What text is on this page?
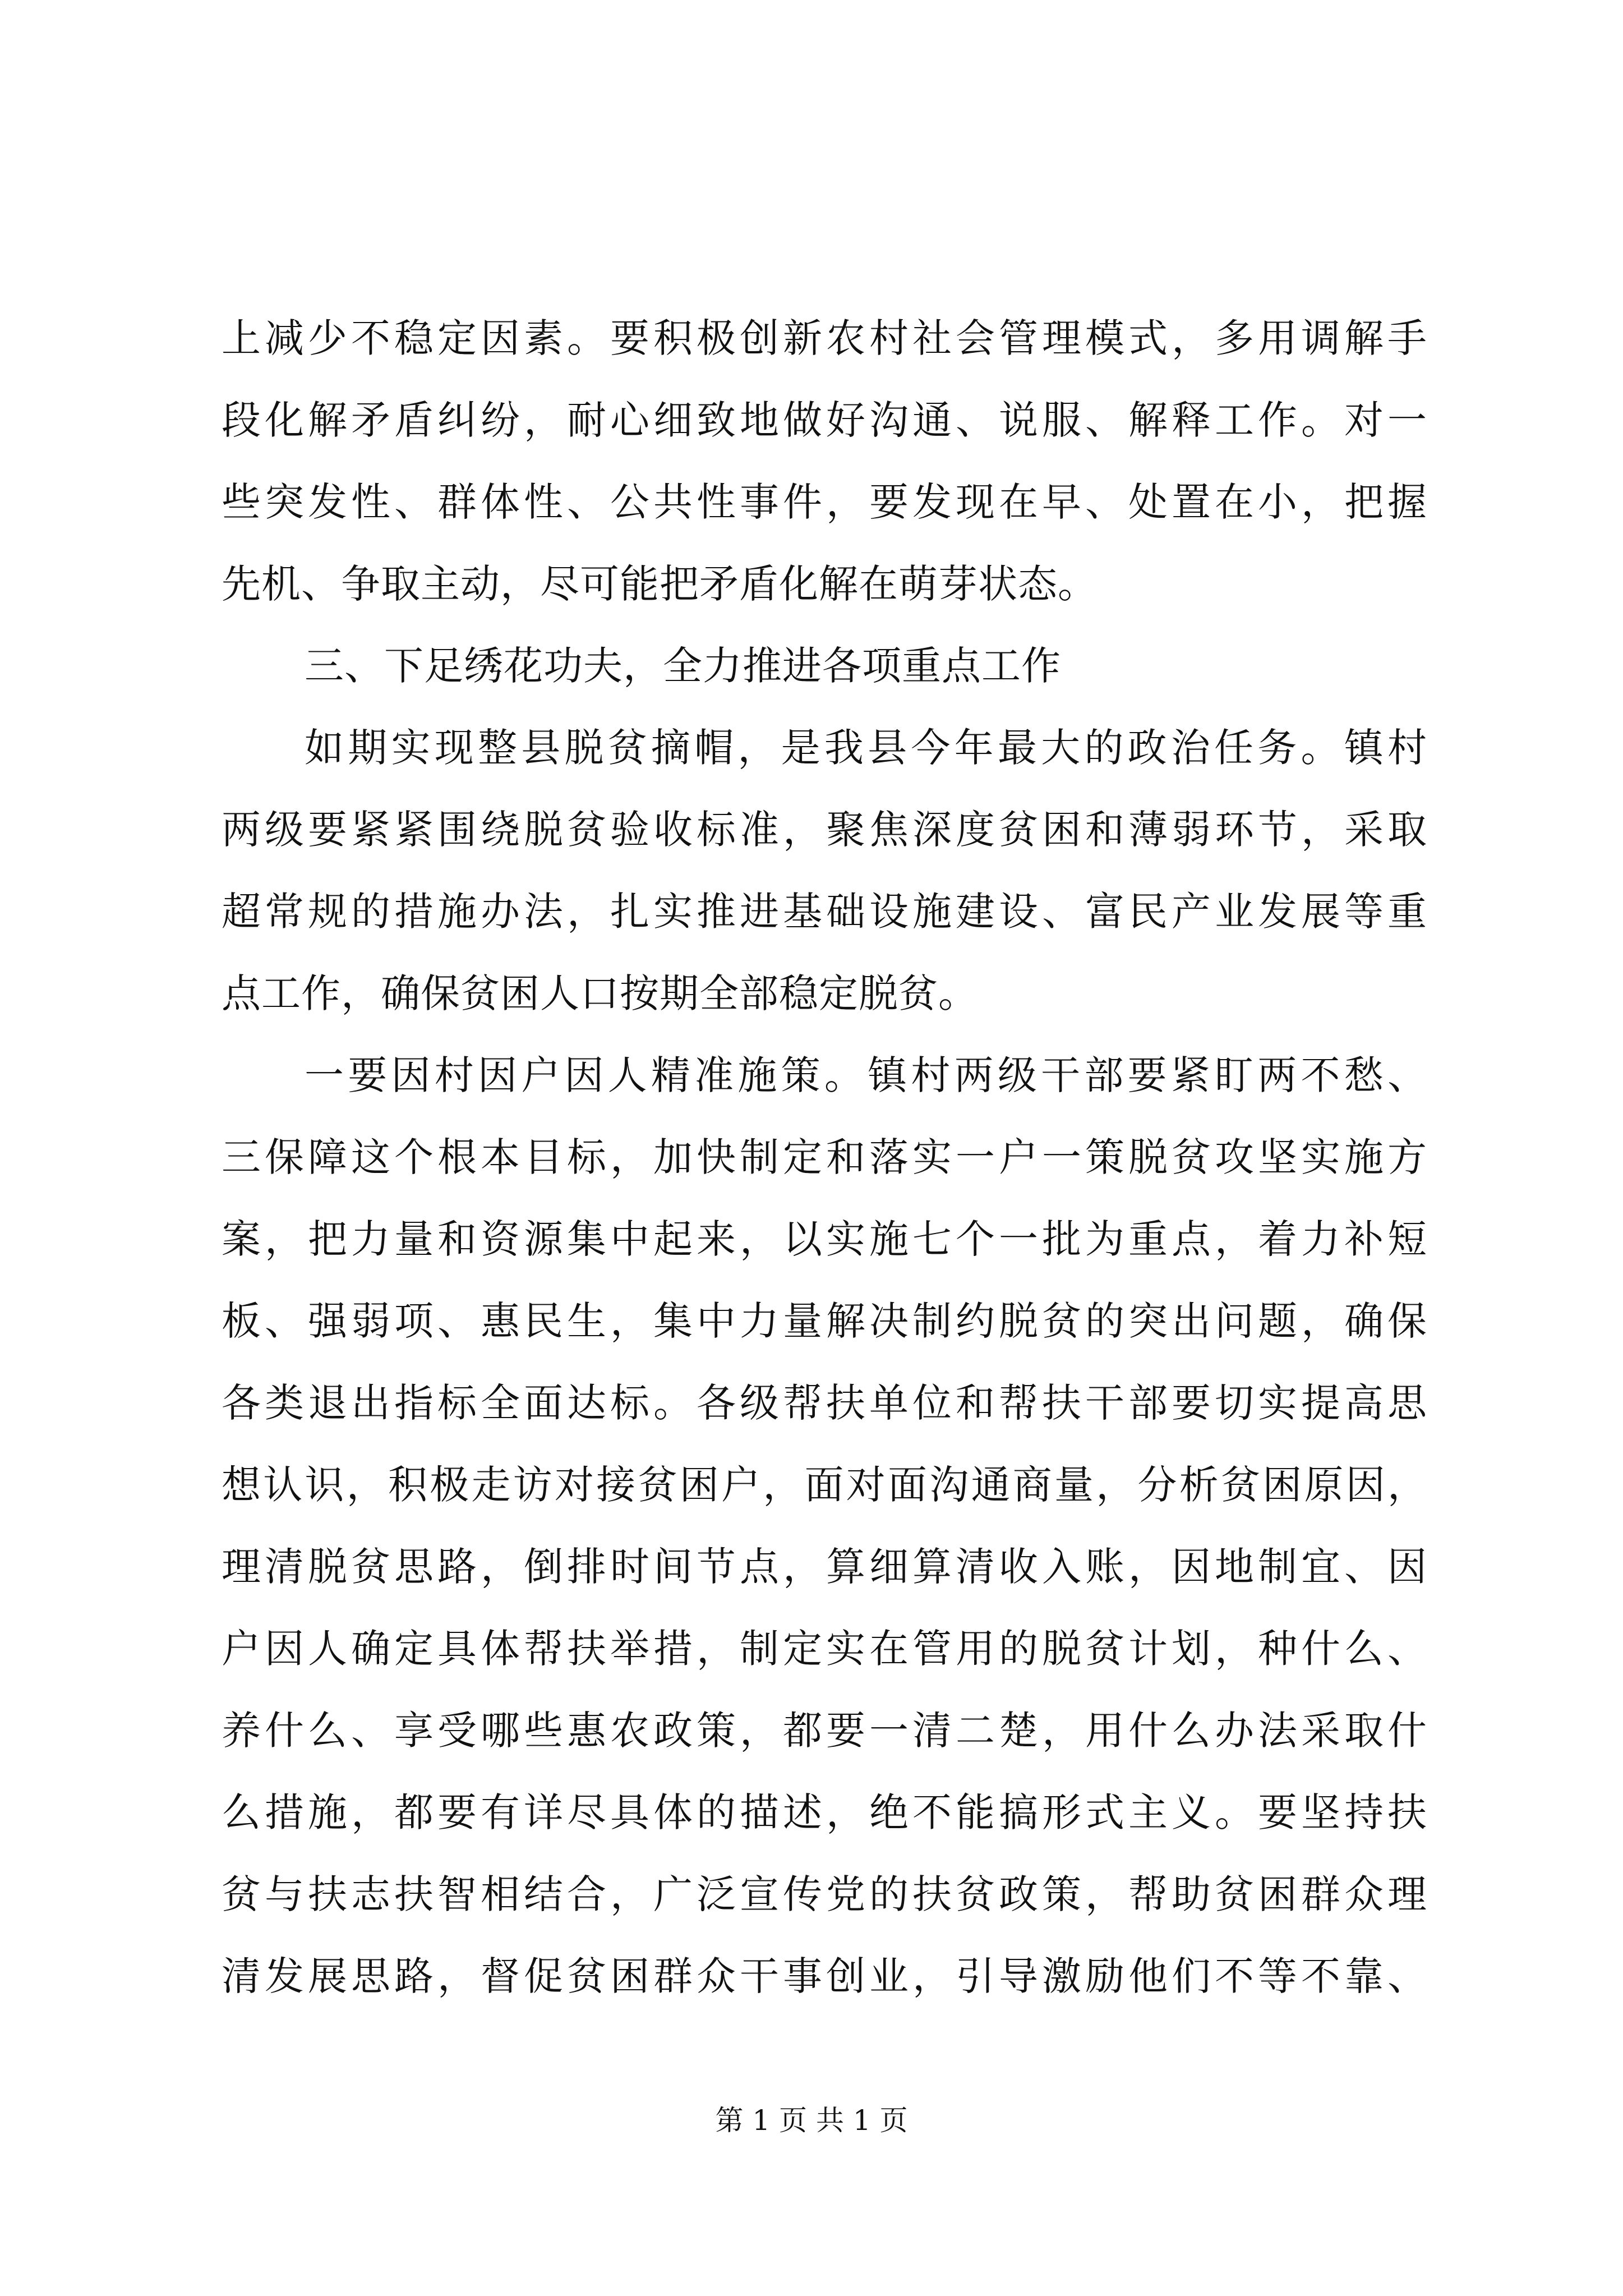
上减少不稳定因素。要积极创新农村社会管理模式，多用调解手
段化解矛盾纠纷，耐心细致地做好沟通、说服、解释工作。对一
些突发性、群体性、公共性事件，要发现在早、处置在小，把握
先机、争取主动，尽可能把矛盾化解在萌芽状态。
三、下足绣花功夫，全力推进各项重点工作
如期实现整县脱贫摘帽，是我县今年最大的政治任务。镇村
两级要紧紧围绕脱贫验收标准，聚焦深度贫困和薄弱环节，采取
超常规的措施办法，扎实推进基础设施建设、富民产业发展等重
点工作，确保贫困人口按期全部稳定脱贫。
一要因村因户因人精准施策。镇村两级干部要紧盯两不愁、
三保障这个根本目标，加快制定和落实一户一策脱贫攻坚实施方
案，把力量和资源集中起来，以实施七个一批为重点，着力补短
板、强弱项、惠民生，集中力量解决制约脱贫的突出问题，确保
各类退出指标全面达标。各级帮扶单位和帮扶干部要切实提高思
想认识，积极走访对接贫困户，面对面沟通商量，分析贫困原因，
理清脱贫思路，倒排时间节点，算细算清收入账，因地制宜、因
户因人确定具体帮扶举措，制定实在管用的脱贫计划，种什么、
养什么、享受哪些惠农政策，都要一清二楚，用什么办法采取什
么措施，都要有详尽具体的描述，绝不能搞形式主义。要坚持扶
贫与扶志扶智相结合，广泛宣传党的扶贫政策，帮助贫困群众理
清发展思路，督促贫困群众干事创业，引导激励他们不等不靠、
第 1 页 共 1 页
